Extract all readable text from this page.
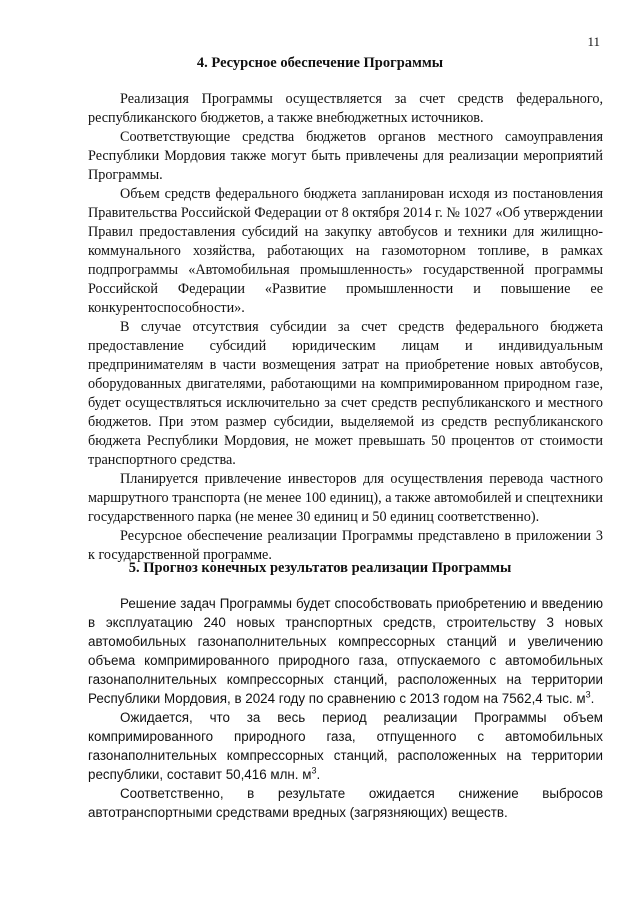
11
4. Ресурсное обеспечение Программы

Реализация Программы осуществляется за счет средств федерального, республиканского бюджетов, а также внебюджетных источников.

Соответствующие средства бюджетов органов местного самоуправления Республики Мордовия также могут быть привлечены для реализации мероприятий Программы.

Объем средств федерального бюджета запланирован исходя из постановления Правительства Российской Федерации от 8 октября 2014 г. № 1027 «Об утверждении Правил предоставления субсидий на закупку автобусов и техники для жилищно-коммунального хозяйства, работающих на газомоторном топливе, в рамках подпрограммы «Автомобильная промышленность» государственной программы Российской Федерации «Развитие промышленности и повышение ее конкурентоспособности».

В случае отсутствия субсидии за счет средств федерального бюджета предоставление субсидий юридическим лицам и индивидуальным предпринимателям в части возмещения затрат на приобретение новых автобусов, оборудованных двигателями, работающими на компримированном природном газе, будет осуществляться исключительно за счет средств республиканского и местного бюджетов. При этом размер субсидии, выделяемой из средств республиканского бюджета Республики Мордовия, не может превышать 50 процентов от стоимости транспортного средства.

Планируется привлечение инвесторов для осуществления перевода частного маршрутного транспорта (не менее 100 единиц), а также автомобилей и спецтехники государственного парка (не менее 30 единиц и 50 единиц соответственно).

Ресурсное обеспечение реализации Программы представлено в приложении 3 к государственной программе.

5. Прогноз конечных результатов реализации Программы

Решение задач Программы будет способствовать приобретению и введению в эксплуатацию 240 новых транспортных средств, строительству 3 новых автомобильных газонаполнительных компрессорных станций и увеличению объема компримированного природного газа, отпускаемого с автомобильных газонаполнительных компрессорных станций, расположенных на территории Республики Мордовия, в 2024 году по сравнению с 2013 годом на 7562,4 тыс. $м^3$.

Ожидается, что за весь период реализации Программы объем компримированного природного газа, отпущенного с автомобильных газонаполнительных компрессорных станций, расположенных на территории республики, составит 50,416 млн. $м^3$.

Соответственно, в результате ожидается снижение выбросов автотранспортными средствами вредных (загрязняющих) веществ.
